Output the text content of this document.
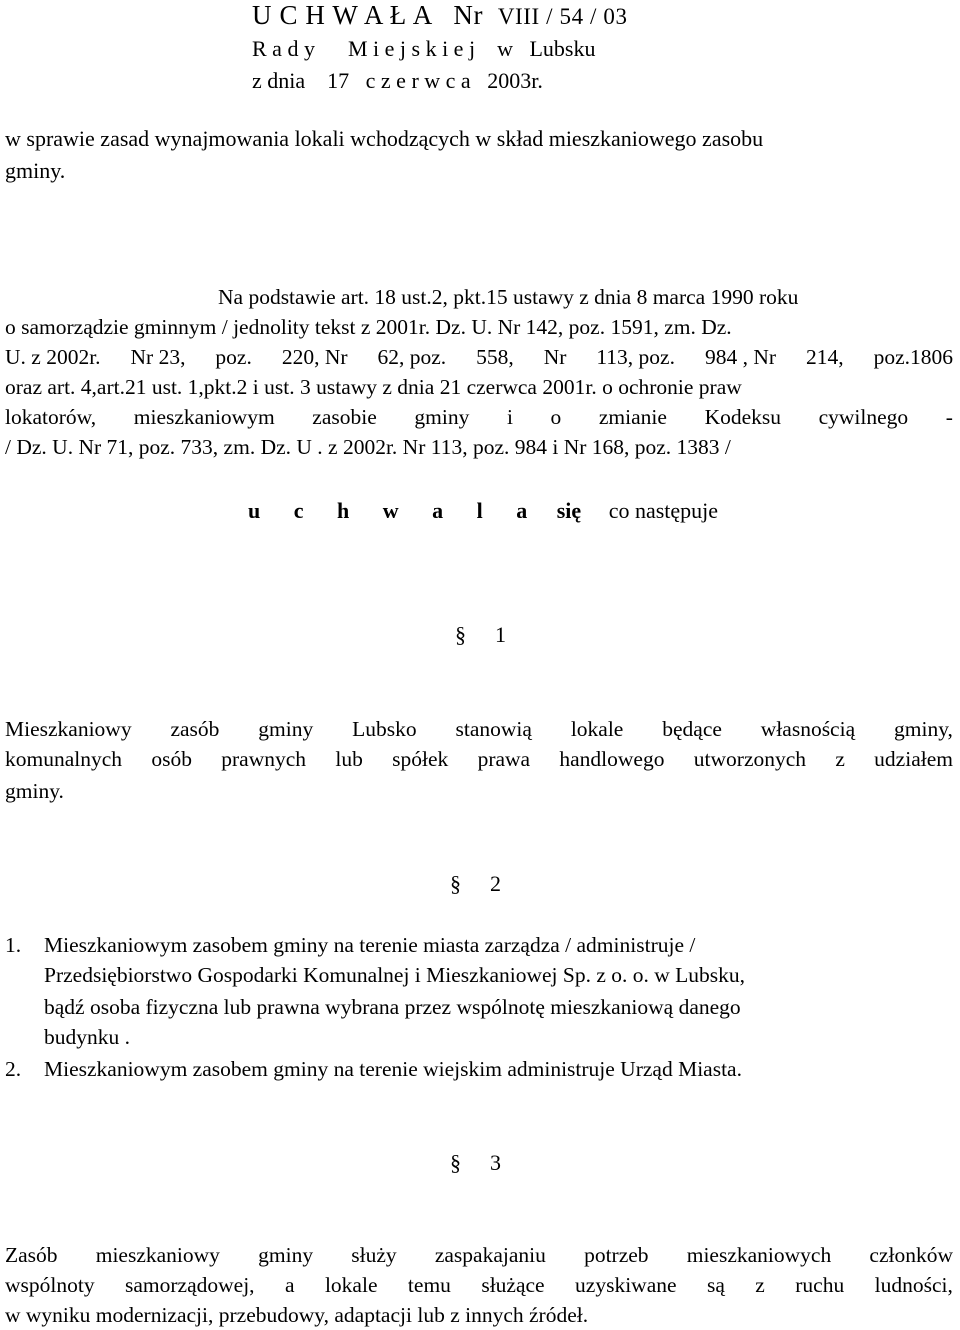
U C H W A Ł A Nr VIII / 54 / 03
R a d y M i e j s k i e j w Lubsku
z dnia 17 c z e r w c a 2003r.
w sprawie zasad wynajmowania lokali wchodzących w skład mieszkaniowego zasobu
gminy.
Na podstawie art. 18 ust.2, pkt.15 ustawy z dnia 8 marca 1990 roku
o samorządzie gminnym / jednolity tekst z 2001r. Dz. U. Nr 142, poz. 1591, zm. Dz.
U. z 2002r. Nr 23, poz. 220, Nr 62, poz. 558, Nr 113, poz. 984 , Nr 214, poz.1806
oraz art. 4,art.21 ust. 1,pkt.2 i ust. 3 ustawy z dnia 21 czerwca 2001r. o ochronie praw
lokatorów, mieszkaniowym zasobie gminy i o zmianie Kodeksu cywilnego -
/ Dz. U. Nr 71, poz. 733, zm. Dz. U . z 2002r. Nr 113, poz. 984 i Nr 168, poz. 1383 /
u c h w a l a się co następuje
§ 1
Mieszkaniowy zasób gminy Lubsko stanowią lokale będące własnością gminy,
komunalnych osób prawnych lub spółek prawa handlowego utworzonych z udziałem
gminy.
§ 2
1. Mieszkaniowym zasobem gminy na terenie miasta zarządza / administruje /
Przedsiębiorstwo Gospodarki Komunalnej i Mieszkaniowej Sp. z o. o. w Lubsku,
bądź osoba fizyczna lub prawna wybrana przez wspólnotę mieszkaniową danego
budynku .
2. Mieszkaniowym zasobem gminy na terenie wiejskim administruje Urząd Miasta.
§ 3
Zasób mieszkaniowy gminy służy zaspakajaniu potrzeb mieszkaniowych członków
wspólnoty samorządowej, a lokale temu służące uzyskiwane są z ruchu ludności,
w wyniku modernizacji, przebudowy, adaptacji lub z innych źródeł.
